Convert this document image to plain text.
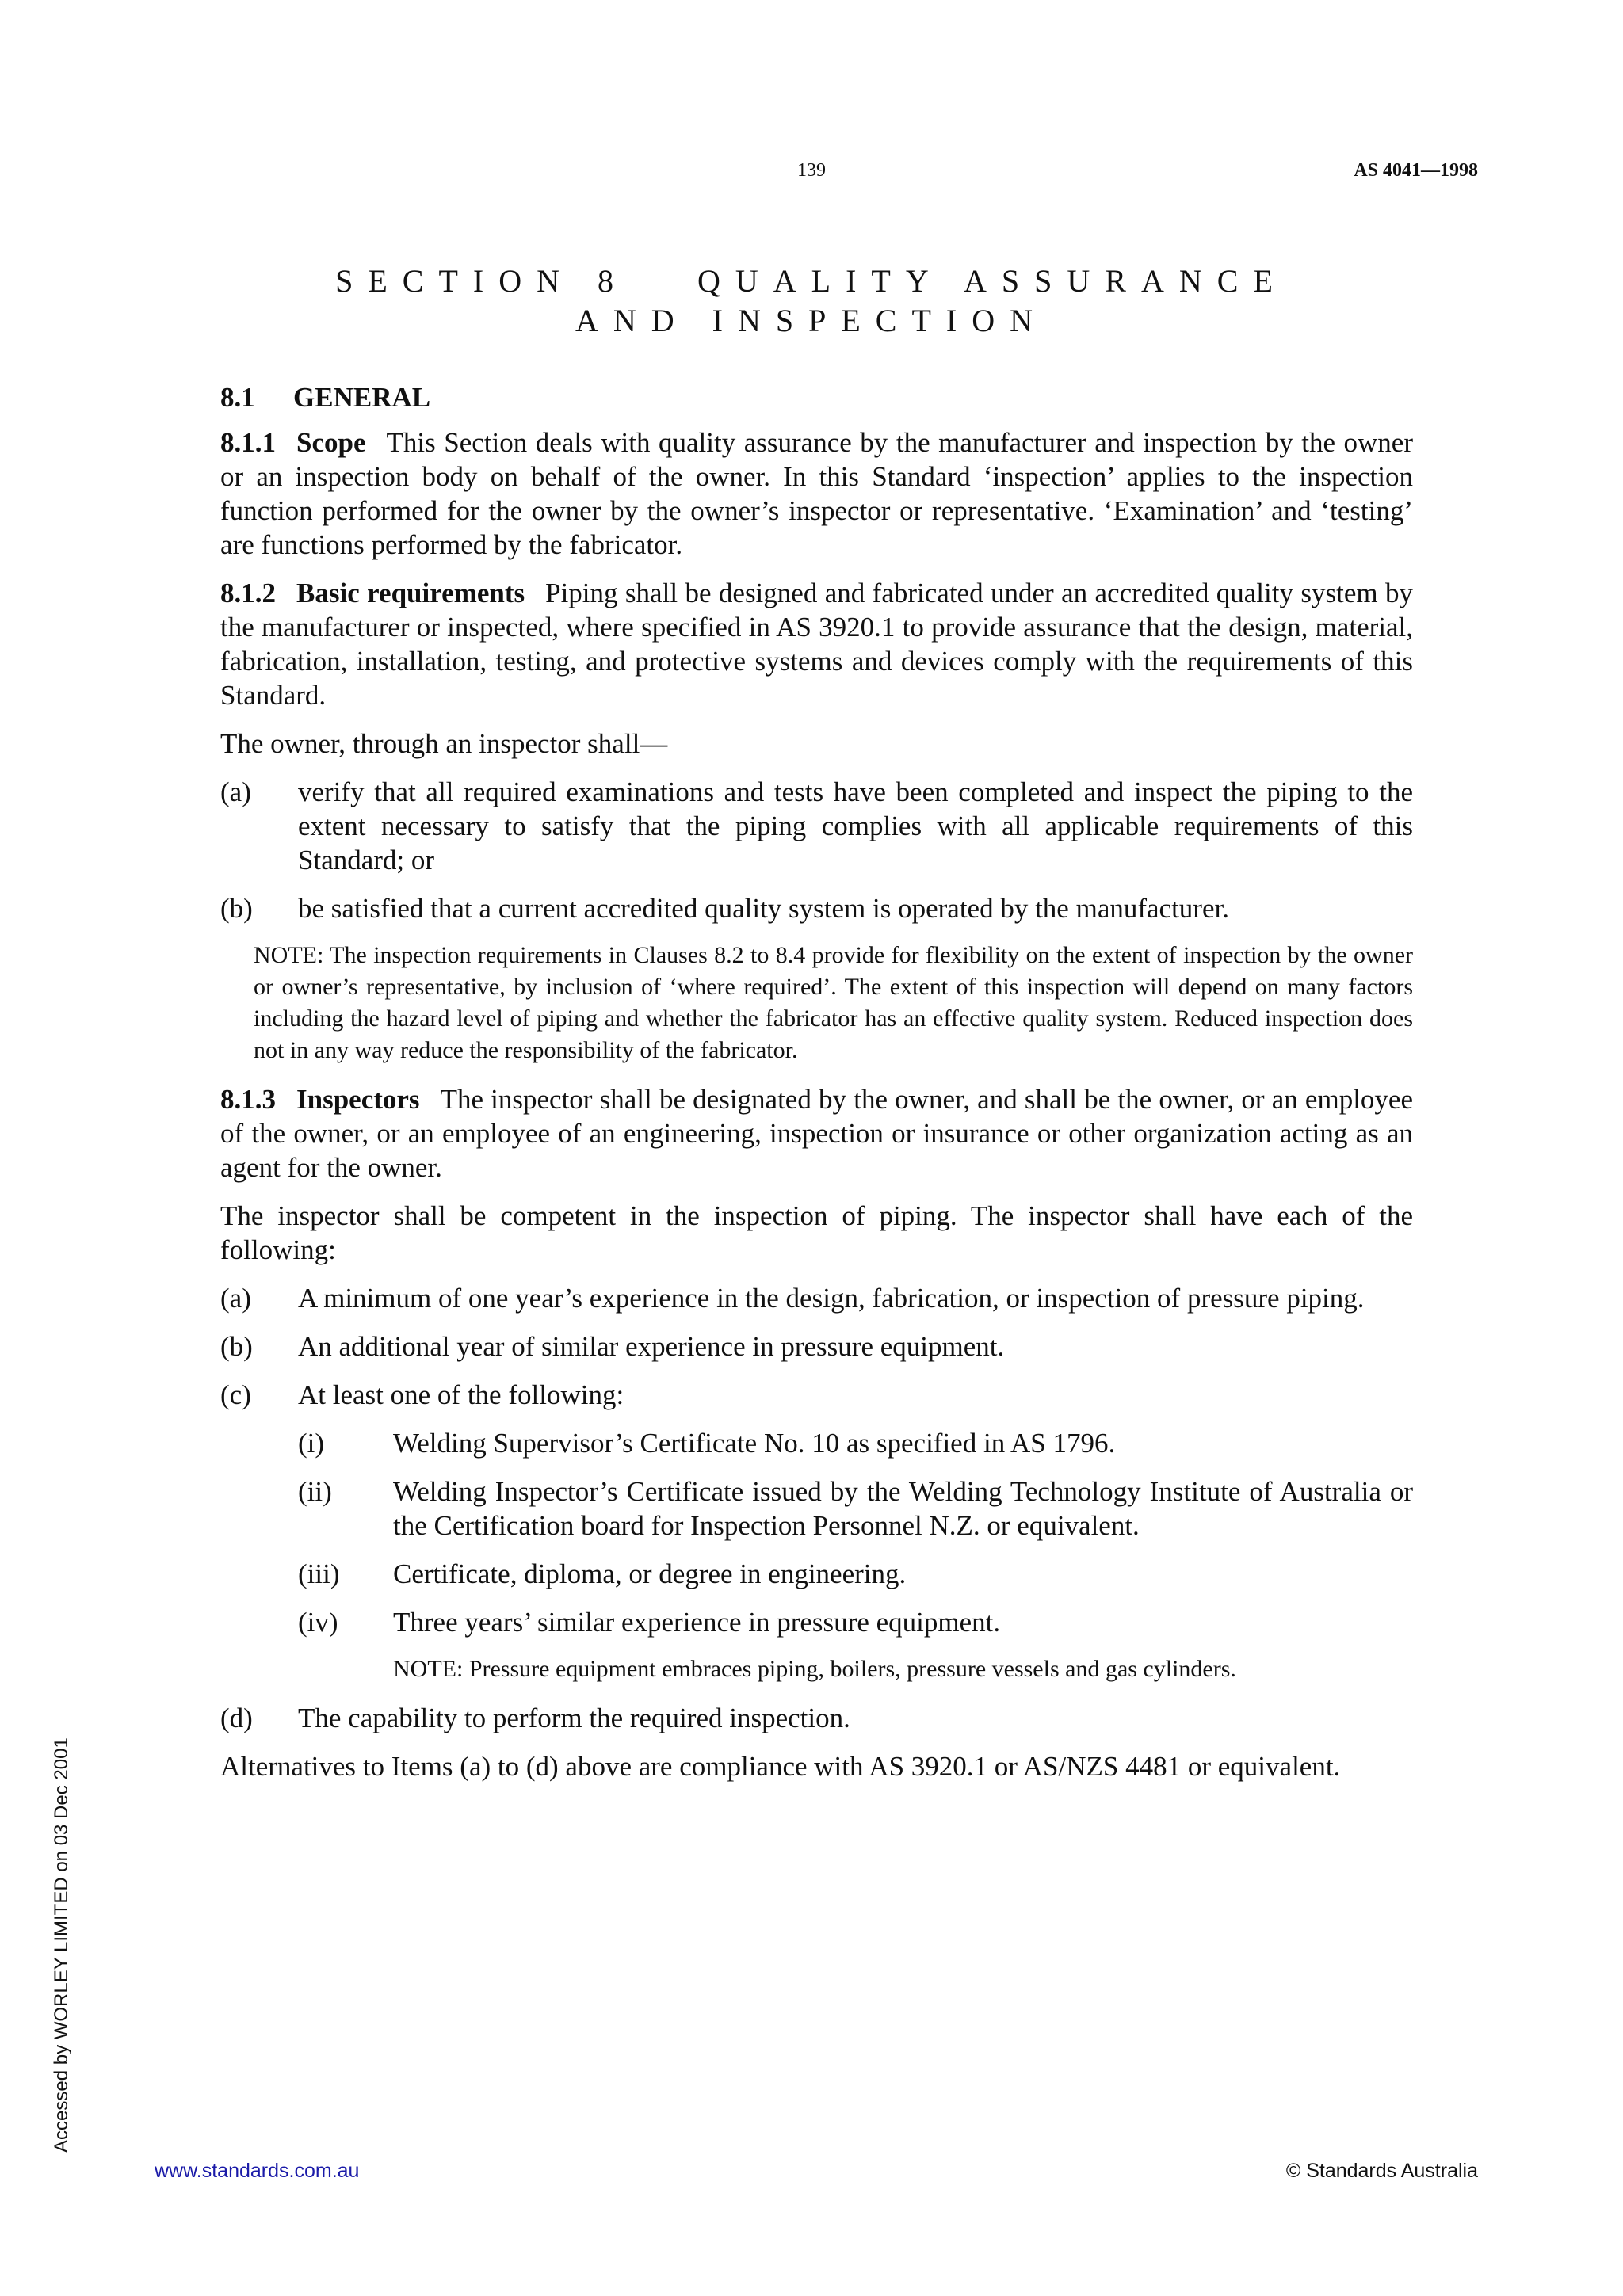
139	AS 4041—1998
SECTION 8   QUALITY ASSURANCE
AND INSPECTION
8.1 GENERAL

8.1.1 Scope This Section deals with quality assurance by the manufacturer and inspection by the owner or an inspection body on behalf of the owner. In this Standard ‘inspection’ applies to the inspection function performed for the owner by the owner’s inspector or representative. ‘Examination’ and ‘testing’ are functions performed by the fabricator.

8.1.2 Basic requirements Piping shall be designed and fabricated under an accredited quality system by the manufacturer or inspected, where specified in AS 3920.1 to provide assurance that the design, material, fabrication, installation, testing, and protective systems and devices comply with the requirements of this Standard.

The owner, through an inspector shall—

(a) verify that all required examinations and tests have been completed and inspect the piping to the extent necessary to satisfy that the piping complies with all applicable requirements of this Standard; or
(b) be satisfied that a current accredited quality system is operated by the manufacturer.
NOTE: The inspection requirements in Clauses 8.2 to 8.4 provide for flexibility on the extent of inspection by the owner or owner’s representative, by inclusion of ‘where required’. The extent of this inspection will depend on many factors including the hazard level of piping and whether the fabricator has an effective quality system. Reduced inspection does not in any way reduce the responsibility of the fabricator.

8.1.3 Inspectors The inspector shall be designated by the owner, and shall be the owner, or an employee of the owner, or an employee of an engineering, inspection or insurance or other organization acting as an agent for the owner.

The inspector shall be competent in the inspection of piping. The inspector shall have each of the following:

(a) A minimum of one year’s experience in the design, fabrication, or inspection of pressure piping.
(b) An additional year of similar experience in pressure equipment.
(c) At least one of the following:
(i) Welding Supervisor’s Certificate No. 10 as specified in AS 1796.
(ii) Welding Inspector’s Certificate issued by the Welding Technology Institute of Australia or the Certification board for Inspection Personnel N.Z. or equivalent.
(iii) Certificate, diploma, or degree in engineering.
(iv) Three years’ similar experience in pressure equipment.
NOTE: Pressure equipment embraces piping, boilers, pressure vessels and gas cylinders.
(d) The capability to perform the required inspection.

Alternatives to Items (a) to (d) above are compliance with AS 3920.1 or AS/NZS 4481 or equivalent.

Accessed by WORLEY LIMITED on 03 Dec 2001
www.standards.com.au	© Standards Australia
